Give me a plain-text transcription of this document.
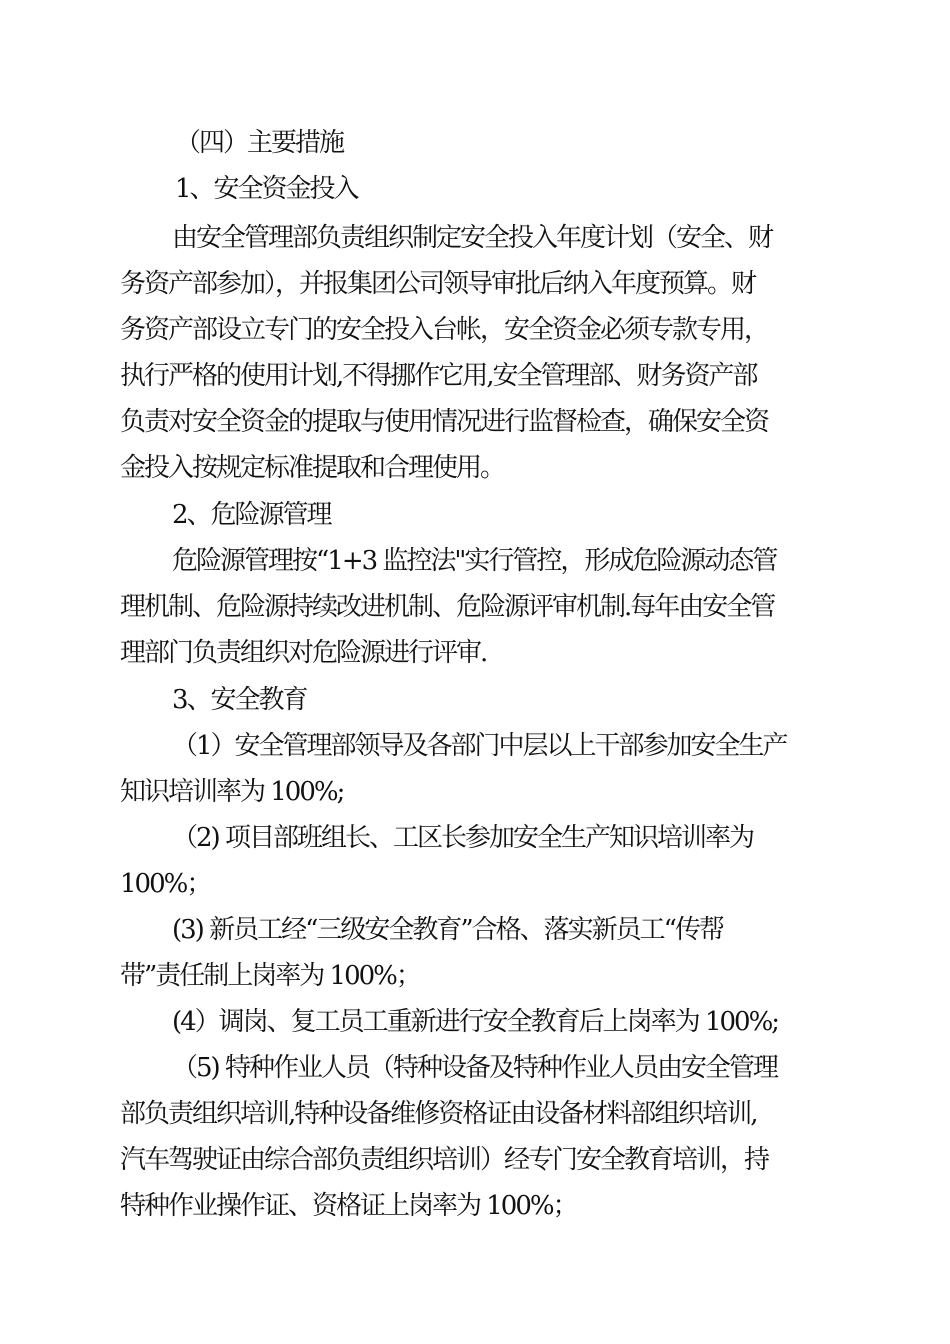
（四）主要措施
1、安全资金投入
由安全管理部负责组织制定安全投入年度计划（安全、财
务资产部参加），并报集团公司领导审批后纳入年度预算。财
务资产部设立专门的安全投入台帐，安全资金必须专款专用，
执行严格的使用计划,不得挪作它用,安全管理部、财务资产部
负责对安全资金的提取与使用情况进行监督检查，确保安全资
金投入按规定标准提取和合理使用。
2、危险源管理
危险源管理按“1+3 监控法"实行管控，形成危险源动态管
理机制、危险源持续改进机制、危险源评审机制.每年由安全管
理部门负责组织对危险源进行评审.
3、安全教育
（1）安全管理部领导及各部门中层以上干部参加安全生产
知识培训率为 100%;
（2) 项目部班组长、工区长参加安全生产知识培训率为
100%；
(3) 新员工经“三级安全教育”合格、落实新员工“传帮
带”责任制上岗率为 100%；
(4）调岗、复工员工重新进行安全教育后上岗率为 100%;
（5) 特种作业人员（特种设备及特种作业人员由安全管理
部负责组织培训,特种设备维修资格证由设备材料部组织培训,
汽车驾驶证由综合部负责组织培训）经专门安全教育培训，持
特种作业操作证、资格证上岗率为 100%；
